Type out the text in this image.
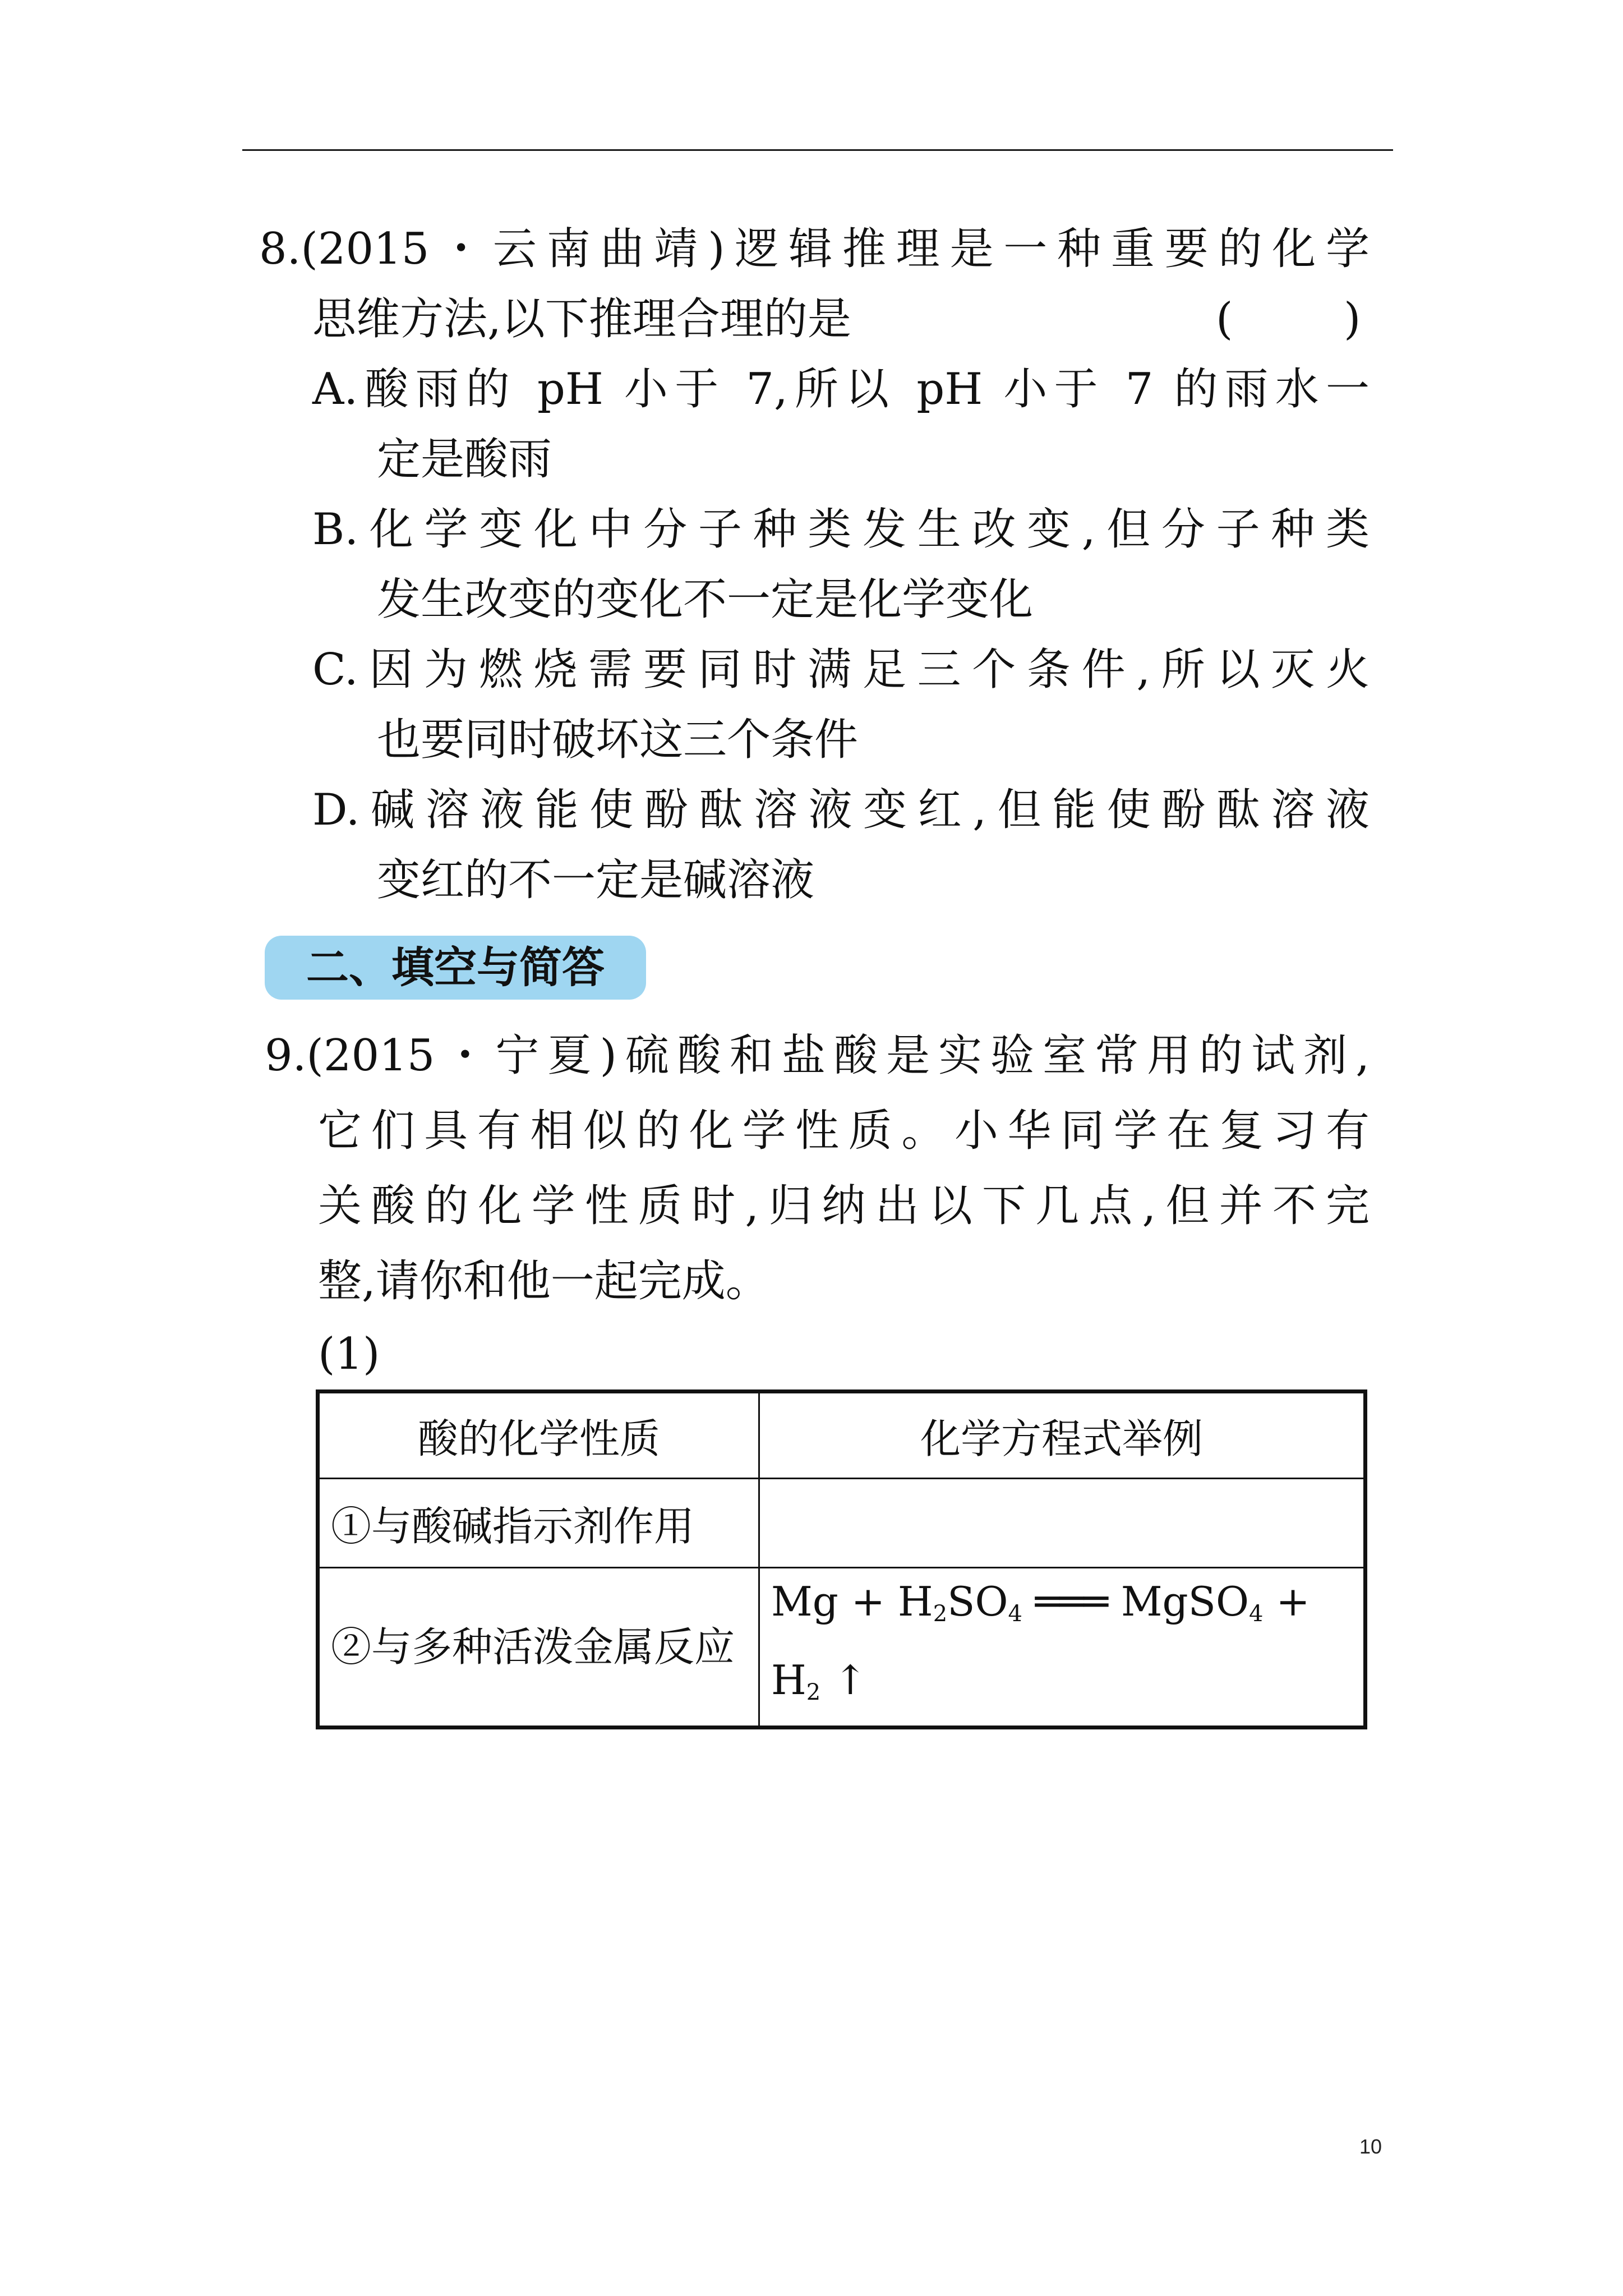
8.(2015・云南曲靖)逻辑推理是一种重要的化学
思维方法,以下推理合理的是	(	)
A.酸雨的 pH 小于 7,所以 pH 小于 7 的雨水一
定是酸雨
B.化学变化中分子种类发生改变,但分子种类
发生改变的变化不一定是化学变化
C.因为燃烧需要同时满足三个条件,所以灭火
也要同时破坏这三个条件
D.碱溶液能使酚酞溶液变红,但能使酚酞溶液
变红的不一定是碱溶液
二、填空与简答
9.(2015・宁夏)硫酸和盐酸是实验室常用的试剂,
它们具有相似的化学性质。小华同学在复习有
关酸的化学性质时,归纳出以下几点,但并不完
整,请你和他一起完成。
(1)
酸的化学性质	化学方程式举例
①与酸碱指示剂作用	
②与多种活泼金属反应	$Mg + H_2SO_4$ ═══ MgSO$_4$ +
$H_2$ ↑
10
